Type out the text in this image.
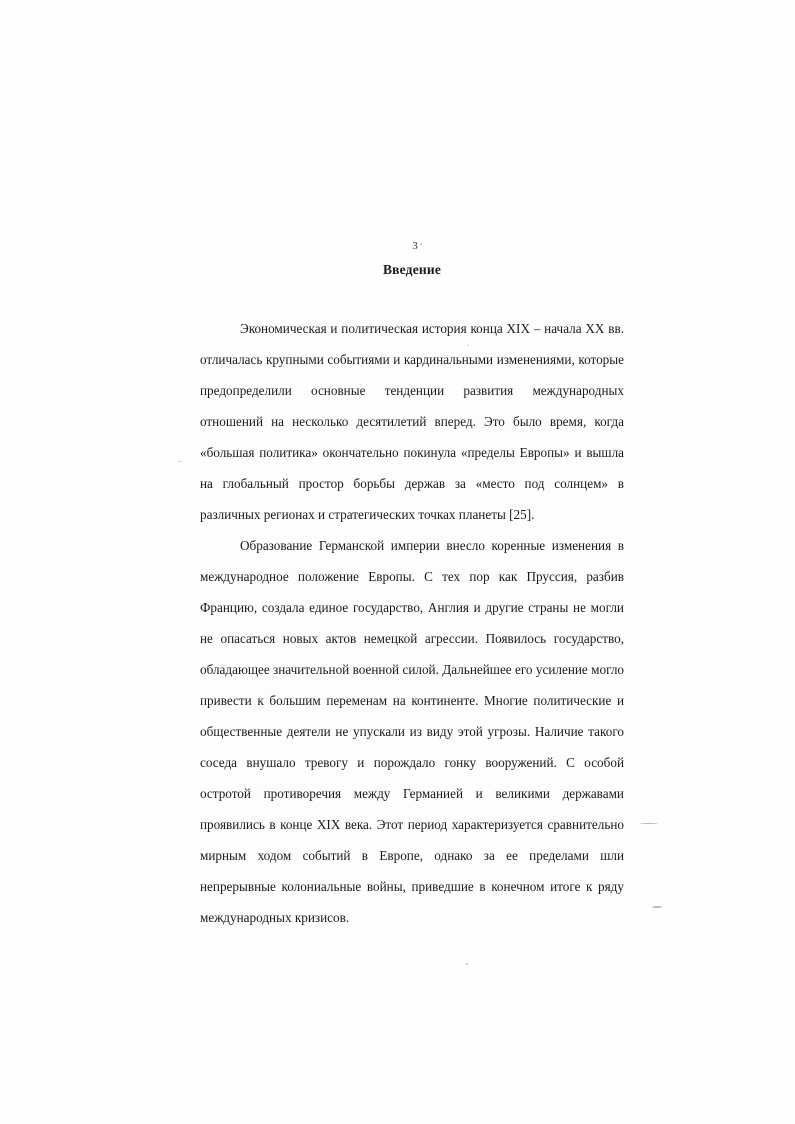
3
Введение

Экономическая и политическая история конца XIX – начала XX вв. отличалась крупными событиями и кардинальными изменениями, которые предопределили основные тенденции развития международных отношений на несколько десятилетий вперед. Это было время, когда «большая политика» окончательно покинула «пределы Европы» и вышла на глобальный простор борьбы держав за «место под солнцем» в различных регионах и стратегических точках планеты [25].

Образование Германской империи внесло коренные изменения в международное положение Европы. С тех пор как Пруссия, разбив Францию, создала единое государство, Англия и другие страны не могли не опасаться новых актов немецкой агрессии. Появилось государство, обладающее значительной военной силой. Дальнейшее его усиление могло привести к большим переменам на континенте. Многие политические и общественные деятели не упускали из виду этой угрозы. Наличие такого соседа внушало тревогу и порождало гонку вооружений. С особой остротой противоречия между Германией и великими державами проявились в конце XIX века. Этот период характеризуется сравнительно мирным ходом событий в Европе, однако за ее пределами шли непрерывные колониальные войны, приведшие в конечном итоге к ряду международных кризисов.
